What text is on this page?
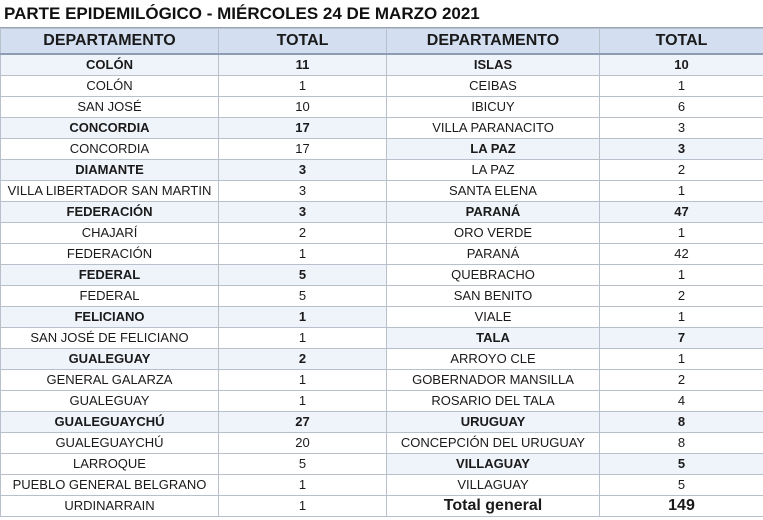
PARTE EPIDEMILÓGICO - MIÉRCOLES 24 DE MARZO 2021
DEPARTAMENTO	TOTAL	DEPARTAMENTO	TOTAL
COLÓN	11	ISLAS	10
COLÓN	1	CEIBAS	1
SAN JOSÉ	10	IBICUY	6
CONCORDIA	17	VILLA PARANACITO	3
CONCORDIA	17	LA PAZ	3
DIAMANTE	3	LA PAZ	2
VILLA LIBERTADOR SAN MARTIN	3	SANTA ELENA	1
FEDERACIÓN	3	PARANÁ	47
CHAJARÍ	2	ORO VERDE	1
FEDERACIÓN	1	PARANÁ	42
FEDERAL	5	QUEBRACHO	1
FEDERAL	5	SAN BENITO	2
FELICIANO	1	VIALE	1
SAN JOSÉ DE FELICIANO	1	TALA	7
GUALEGUAY	2	ARROYO CLE	1
GENERAL GALARZA	1	GOBERNADOR MANSILLA	2
GUALEGUAY	1	ROSARIO DEL TALA	4
GUALEGUAYCHÚ	27	URUGUAY	8
GUALEGUAYCHÚ	20	CONCEPCIÓN DEL URUGUAY	8
LARROQUE	5	VILLAGUAY	5
PUEBLO GENERAL BELGRANO	1	VILLAGUAY	5
URDINARRAIN	1	Total general	149
